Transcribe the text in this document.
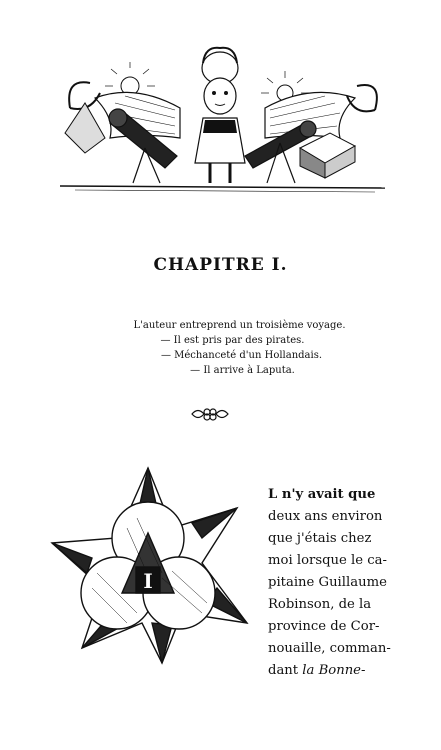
CHAPITRE I.
L'auteur entreprend un troisième voyage.
— Il est pris par des pirates.
— Méchanceté d'un Hollandais.
— Il arrive à Laputa.
I
L n'y avait que
deux ans environ
que j'étais chez
moi lorsque le ca-
pitaine Guillaume
Robinson, de la
province de Cor-
nouaille, comman-
dant la Bonne-
